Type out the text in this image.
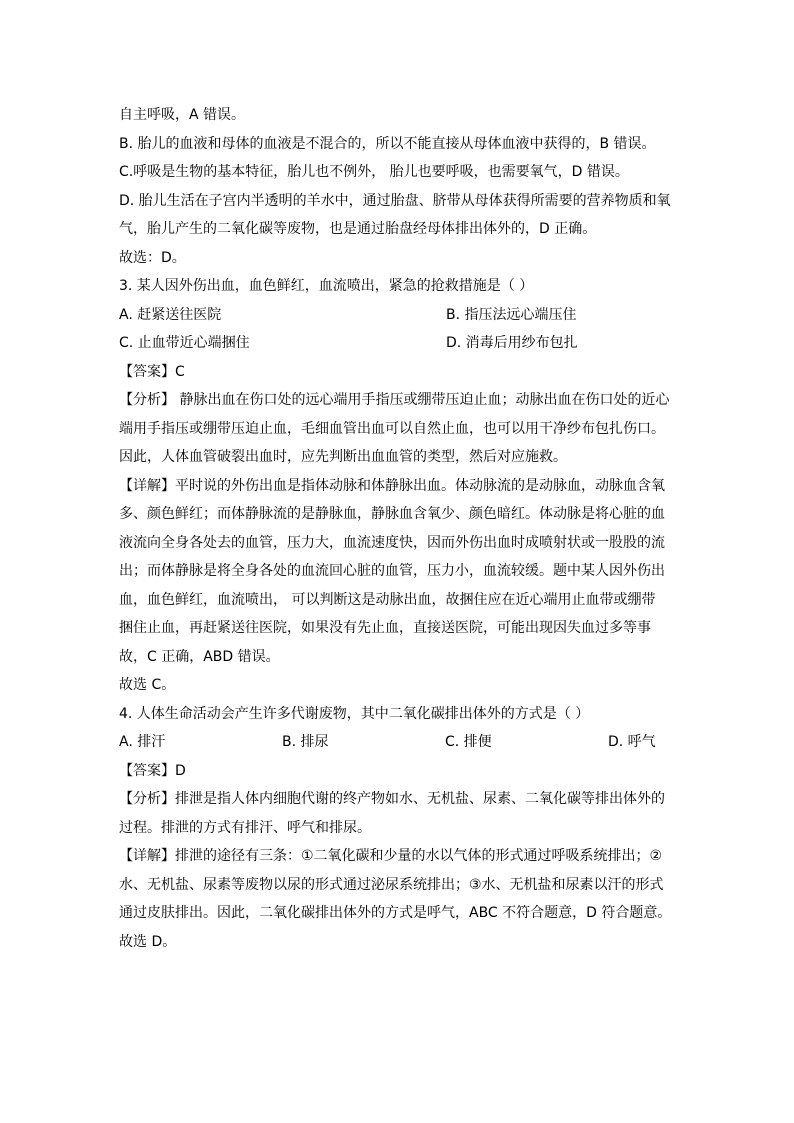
自主呼吸，A 错误。
B. 胎儿的血液和母体的血液是不混合的，所以不能直接从母体血液中获得的，B 错误。
C.呼吸是生物的基本特征，胎儿也不例外， 胎儿也要呼吸，也需要氧气，D 错误。
D. 胎儿生活在子宫内半透明的羊水中，通过胎盘、脐带从母体获得所需要的营养物质和氧
气，胎儿产生的二氧化碳等废物，也是通过胎盘经母体排出体外的，D 正确。
故选：D。
3. 某人因外伤出血，血色鲜红，血流喷出，紧急的抢救措施是（ ）
A. 赶紧送往医院	B. 指压法远心端压住
C. 止血带近心端捆住	D. 消毒后用纱布包扎
【答案】C
【分析】 静脉出血在伤口处的远心端用手指压或绷带压迫止血；动脉出血在伤口处的近心
端用手指压或绷带压迫止血，毛细血管出血可以自然止血，也可以用干净纱布包扎伤口。
因此，人体血管破裂出血时，应先判断出血血管的类型，然后对应施救。
【详解】平时说的外伤出血是指体动脉和体静脉出血。体动脉流的是动脉血，动脉血含氧
多、颜色鲜红；而体静脉流的是静脉血，静脉血含氧少、颜色暗红。体动脉是将心脏的血
液流向全身各处去的血管，压力大，血流速度快，因而外伤出血时成喷射状或一股股的流
出；而体静脉是将全身各处的血流回心脏的血管，压力小，血流较缓。题中某人因外伤出
血，血色鲜红，血流喷出， 可以判断这是动脉出血，故捆住应在近心端用止血带或绷带
捆住止血，再赶紧送往医院，如果没有先止血，直接送医院，可能出现因失血过多等事
故，C 正确，ABD 错误。
故选 C。
4. 人体生命活动会产生许多代谢废物，其中二氧化碳排出体外的方式是（ ）
A. 排汗	B. 排尿	C. 排便	D. 呼气
【答案】D
【分析】排泄是指人体内细胞代谢的终产物如水、无机盐、尿素、二氧化碳等排出体外的
过程。排泄的方式有排汗、呼气和排尿。
【详解】排泄的途径有三条：①二氧化碳和少量的水以气体的形式通过呼吸系统排出；②
水、无机盐、尿素等废物以尿的形式通过泌尿系统排出；③水、无机盐和尿素以汗的形式
通过皮肤排出。因此，二氧化碳排出体外的方式是呼气，ABC 不符合题意，D 符合题意。
故选 D。
